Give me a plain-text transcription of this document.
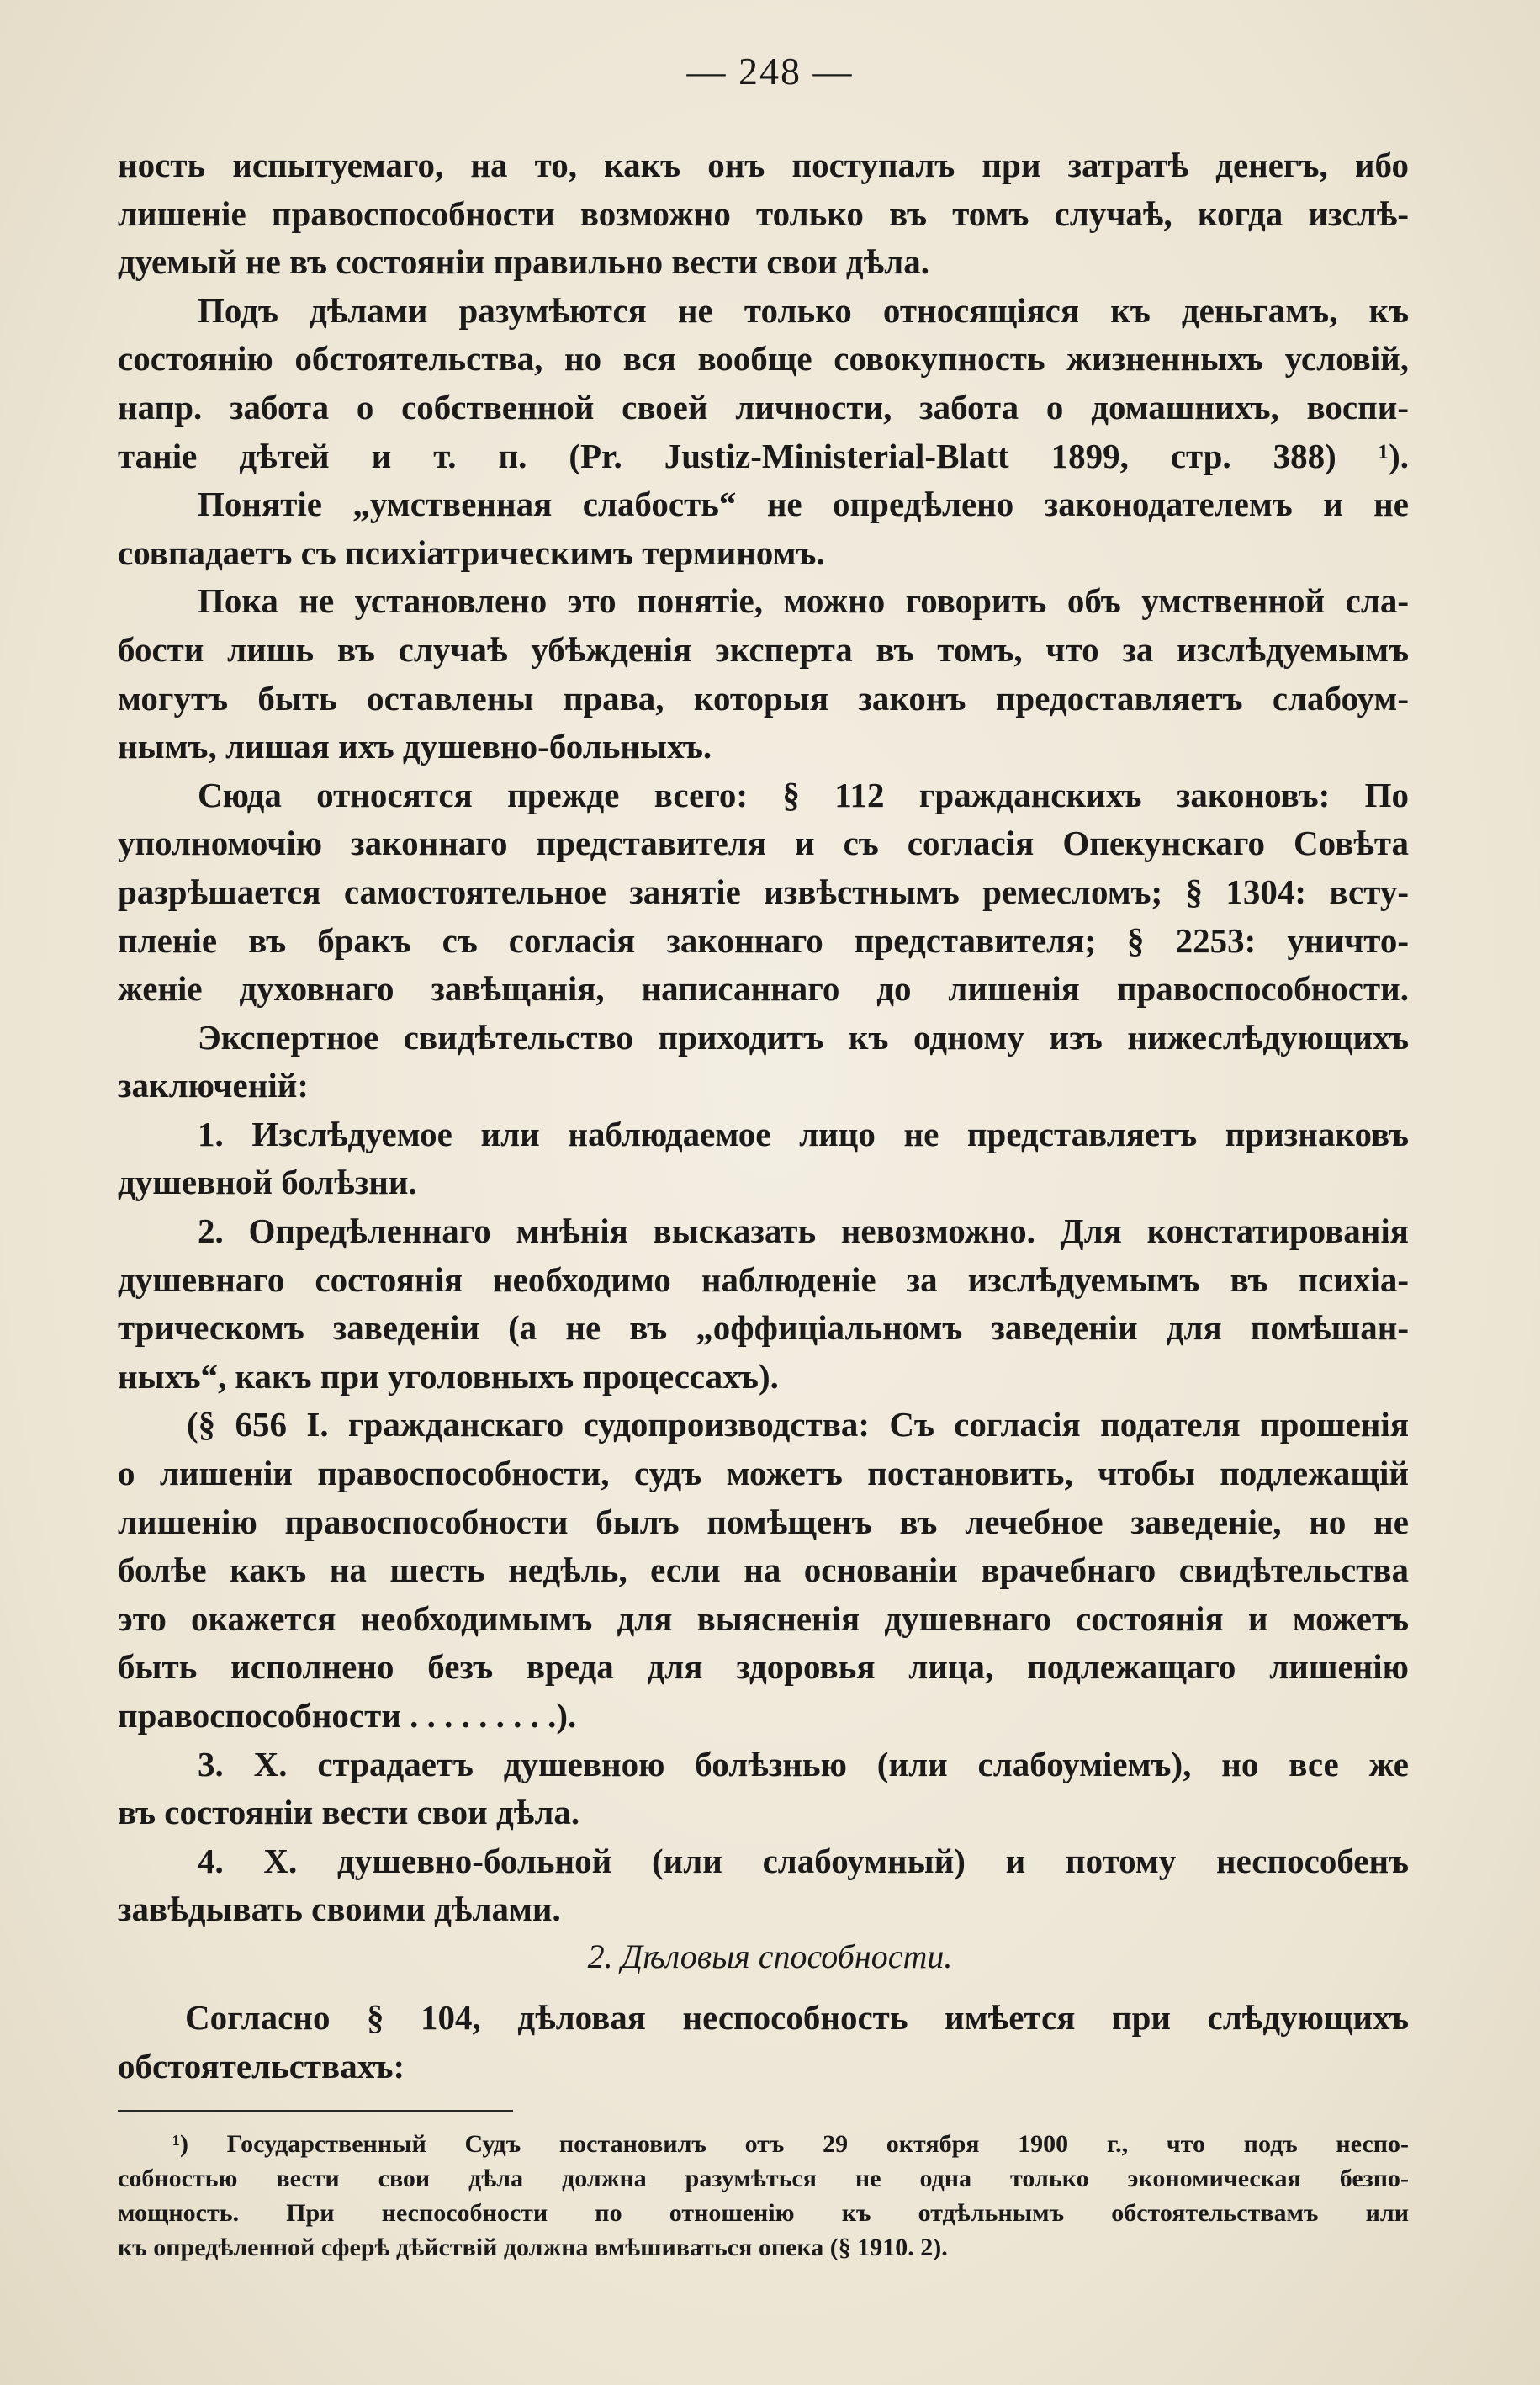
— 248 —
ность испытуемаго, на то, какъ онъ поступалъ при затратѣ денегъ, ибо
лишеніе правоспособности возможно только въ томъ случаѣ, когда изслѣ-
дуемый не въ состояніи правильно вести свои дѣла.
Подъ дѣлами разумѣются не только относящіяся къ деньгамъ, къ
состоянію обстоятельства, но вся вообще совокупность жизненныхъ условій,
напр. забота о собственной своей личности, забота о домашнихъ, воспи-
таніе дѣтей и т. п. (Pr. Justiz-Ministerial-Blatt 1899, стр. 388) ¹).
Понятіе „умственная слабость“ не опредѣлено законодателемъ и не
совпадаетъ съ психіатрическимъ терминомъ.
Пока не установлено это понятіе, можно говорить объ умственной сла-
бости лишь въ случаѣ убѣжденія эксперта въ томъ, что за изслѣдуемымъ
могутъ быть оставлены права, которыя законъ предоставляетъ слабоум-
нымъ, лишая ихъ душевно-больныхъ.
Сюда относятся прежде всего: § 112 гражданскихъ законовъ: По
уполномочію законнаго представителя и съ согласія Опекунскаго Совѣта
разрѣшается самостоятельное занятіе извѣстнымъ ремесломъ; § 1304: всту-
пленіе въ бракъ съ согласія законнаго представителя; § 2253: уничто-
женіе духовнаго завѣщанія, написаннаго до лишенія правоспособности.
Экспертное свидѣтельство приходитъ къ одному изъ нижеслѣдующихъ
заключеній:
1. Изслѣдуемое или наблюдаемое лицо не представляетъ признаковъ
душевной болѣзни.
2. Опредѣленнаго мнѣнія высказать невозможно. Для констатированія
душевнаго состоянія необходимо наблюденіе за изслѣдуемымъ въ психіа-
трическомъ заведеніи (а не въ „оффиціальномъ заведеніи для помѣшан-
ныхъ“, какъ при уголовныхъ процессахъ).
(§ 656 I. гражданскаго судопроизводства: Съ согласія подателя прошенія
о лишеніи правоспособности, судъ можетъ постановить, чтобы подлежащій
лишенію правоспособности былъ помѣщенъ въ лечебное заведеніе, но не
болѣе какъ на шесть недѣль, если на основаніи врачебнаго свидѣтельства
это окажется необходимымъ для выясненія душевнаго состоянія и можетъ
быть исполнено безъ вреда для здоровья лица, подлежащаго лишенію
правоспособности . . . . . . . . .).
3. X. страдаетъ душевною болѣзнью (или слабоуміемъ), но все же
въ состояніи вести свои дѣла.
4. X. душевно-больной (или слабоумный) и потому неспособенъ
завѣдывать своими дѣлами.
2. Дѣловыя способности.
Согласно § 104, дѣловая неспособность имѣется при слѣдующихъ
обстоятельствахъ:
¹) Государственный Судъ постановилъ отъ 29 октября 1900 г., что подъ неспо-
собностью вести свои дѣла должна разумѣться не одна только экономическая безпо-
мощность. При неспособности по отношенію къ отдѣльнымъ обстоятельствамъ или
къ опредѣленной сферѣ дѣйствій должна вмѣшиваться опека (§ 1910. 2).
